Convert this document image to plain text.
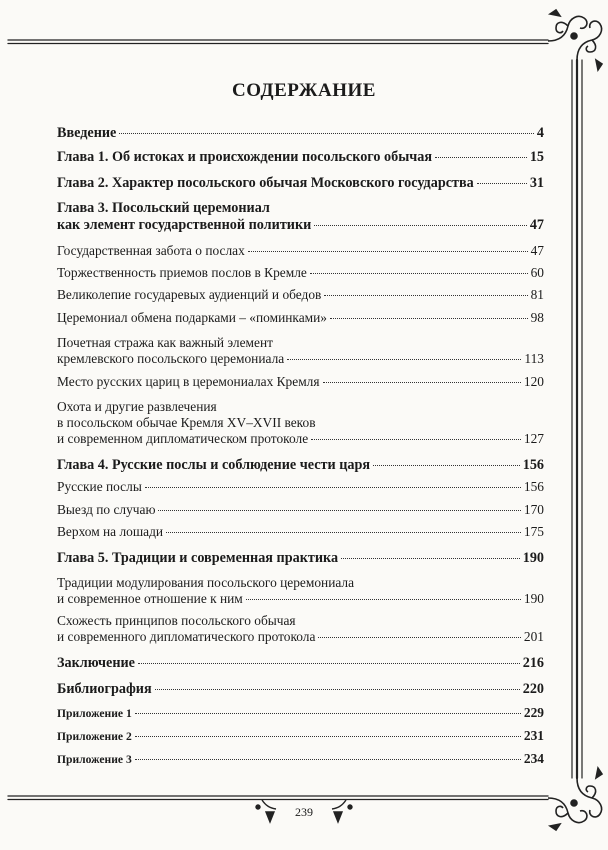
СОДЕРЖАНИЕ
Введение	4
Глава 1. Об истоках и происхождении посольского обычая	15
Глава 2. Характер посольского обычая Московского государства	31
Глава 3. Посольский церемониал
как элемент государственной политики	47
Государственная забота о послах	47
Торжественность приемов послов в Кремле	60
Великолепие государевых аудиенций и обедов	81
Церемониал обмена подарками – «поминками»	98
Почетная стража как важный элемент
кремлевского посольского церемониала	113
Место русских цариц в церемониалах Кремля	120
Охота и другие развлечения
в посольском обычае Кремля XV–XVII веков
и современном дипломатическом протоколе	127
Глава 4. Русские послы и соблюдение чести царя	156
Русские послы	156
Выезд по случаю	170
Верхом на лошади	175
Глава 5. Традиции и современная практика	190
Традиции модулирования посольского церемониала
и современное отношение к ним	190
Схожесть принципов посольского обычая
и современного дипломатического протокола	201
Заключение	216
Библиография	220
Приложение 1	229
Приложение 2	231
Приложение 3	234
239
